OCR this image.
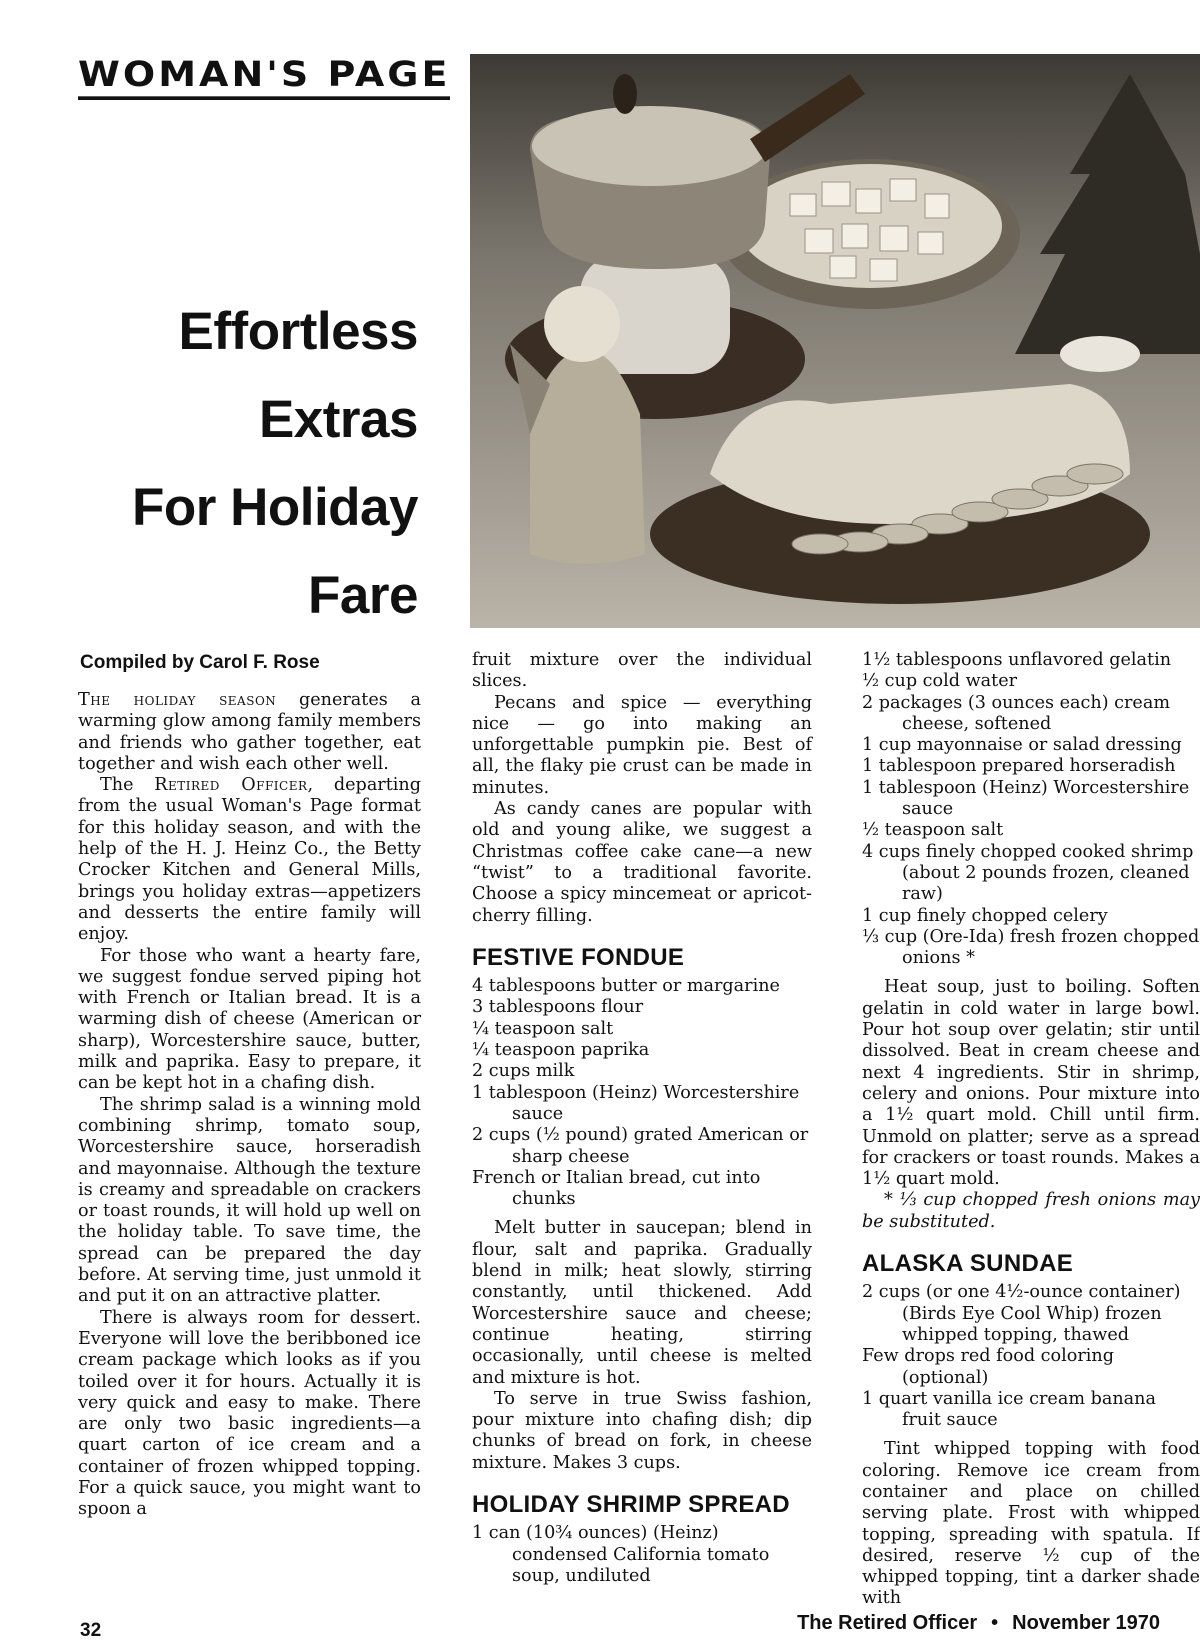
WOMAN'S PAGE
Effortless
Extras
For Holiday
Fare
Compiled by Carol F. Rose

The holiday season generates a warming glow among family members and friends who gather together, eat together and wish each other well.

The Retired Officer, departing from the usual Woman's Page format for this holiday season, and with the help of the H. J. Heinz Co., the Betty Crocker Kitchen and General Mills, brings you holiday extras—appetizers and desserts the entire family will enjoy.

For those who want a hearty fare, we suggest fondue served piping hot with French or Italian bread. It is a warming dish of cheese (American or sharp), Worcestershire sauce, butter, milk and paprika. Easy to prepare, it can be kept hot in a chafing dish.

The shrimp salad is a winning mold combining shrimp, tomato soup, Worcestershire sauce, horseradish and mayonnaise. Although the texture is creamy and spreadable on crackers or toast rounds, it will hold up well on the holiday table. To save time, the spread can be prepared the day before. At serving time, just unmold it and put it on an attractive platter.

There is always room for dessert. Everyone will love the beribboned ice cream package which looks as if you toiled over it for hours. Actually it is very quick and easy to make. There are only two basic ingredients—a quart carton of ice cream and a container of frozen whipped topping. For a quick sauce, you might want to spoon a

fruit mixture over the individual slices.

Pecans and spice — everything nice — go into making an unforgettable pumpkin pie. Best of all, the flaky pie crust can be made in minutes.

As candy canes are popular with old and young alike, we suggest a Christmas coffee cake cane—a new “twist” to a traditional favorite. Choose a spicy mincemeat or apricot-cherry filling.

FESTIVE FONDUE
4 tablespoons butter or margarine
3 tablespoons flour
¼ teaspoon salt
¼ teaspoon paprika
2 cups milk
1 tablespoon (Heinz) Worcestershire sauce
2 cups (½ pound) grated American or sharp cheese
French or Italian bread, cut into chunks

Melt butter in saucepan; blend in flour, salt and paprika. Gradually blend in milk; heat slowly, stirring constantly, until thickened. Add Worcestershire sauce and cheese; continue heating, stirring occasionally, until cheese is melted and mixture is hot.

To serve in true Swiss fashion, pour mixture into chafing dish; dip chunks of bread on fork, in cheese mixture. Makes 3 cups.

HOLIDAY SHRIMP SPREAD
1 can (10¾ ounces) (Heinz) condensed California tomato soup, undiluted
1½ tablespoons unflavored gelatin
½ cup cold water
2 packages (3 ounces each) cream cheese, softened
1 cup mayonnaise or salad dressing
1 tablespoon prepared horseradish
1 tablespoon (Heinz) Worcestershire sauce
½ teaspoon salt
4 cups finely chopped cooked shrimp (about 2 pounds frozen, cleaned raw)
1 cup finely chopped celery
⅓ cup (Ore-Ida) fresh frozen chopped onions *

Heat soup, just to boiling. Soften gelatin in cold water in large bowl. Pour hot soup over gelatin; stir until dissolved. Beat in cream cheese and next 4 ingredients. Stir in shrimp, celery and onions. Pour mixture into a 1½ quart mold. Chill until firm. Unmold on platter; serve as a spread for crackers or toast rounds. Makes a 1½ quart mold.

* ⅓ cup chopped fresh onions may be substituted.

ALASKA SUNDAE
2 cups (or one 4½-ounce container) (Birds Eye Cool Whip) frozen whipped topping, thawed
Few drops red food coloring (optional)
1 quart vanilla ice cream banana fruit sauce

Tint whipped topping with food coloring. Remove ice cream from container and place on chilled serving plate. Frost with whipped topping, spreading with spatula. If desired, reserve ½ cup of the whipped topping, tint a darker shade with

32	The Retired Officer • November 1970
